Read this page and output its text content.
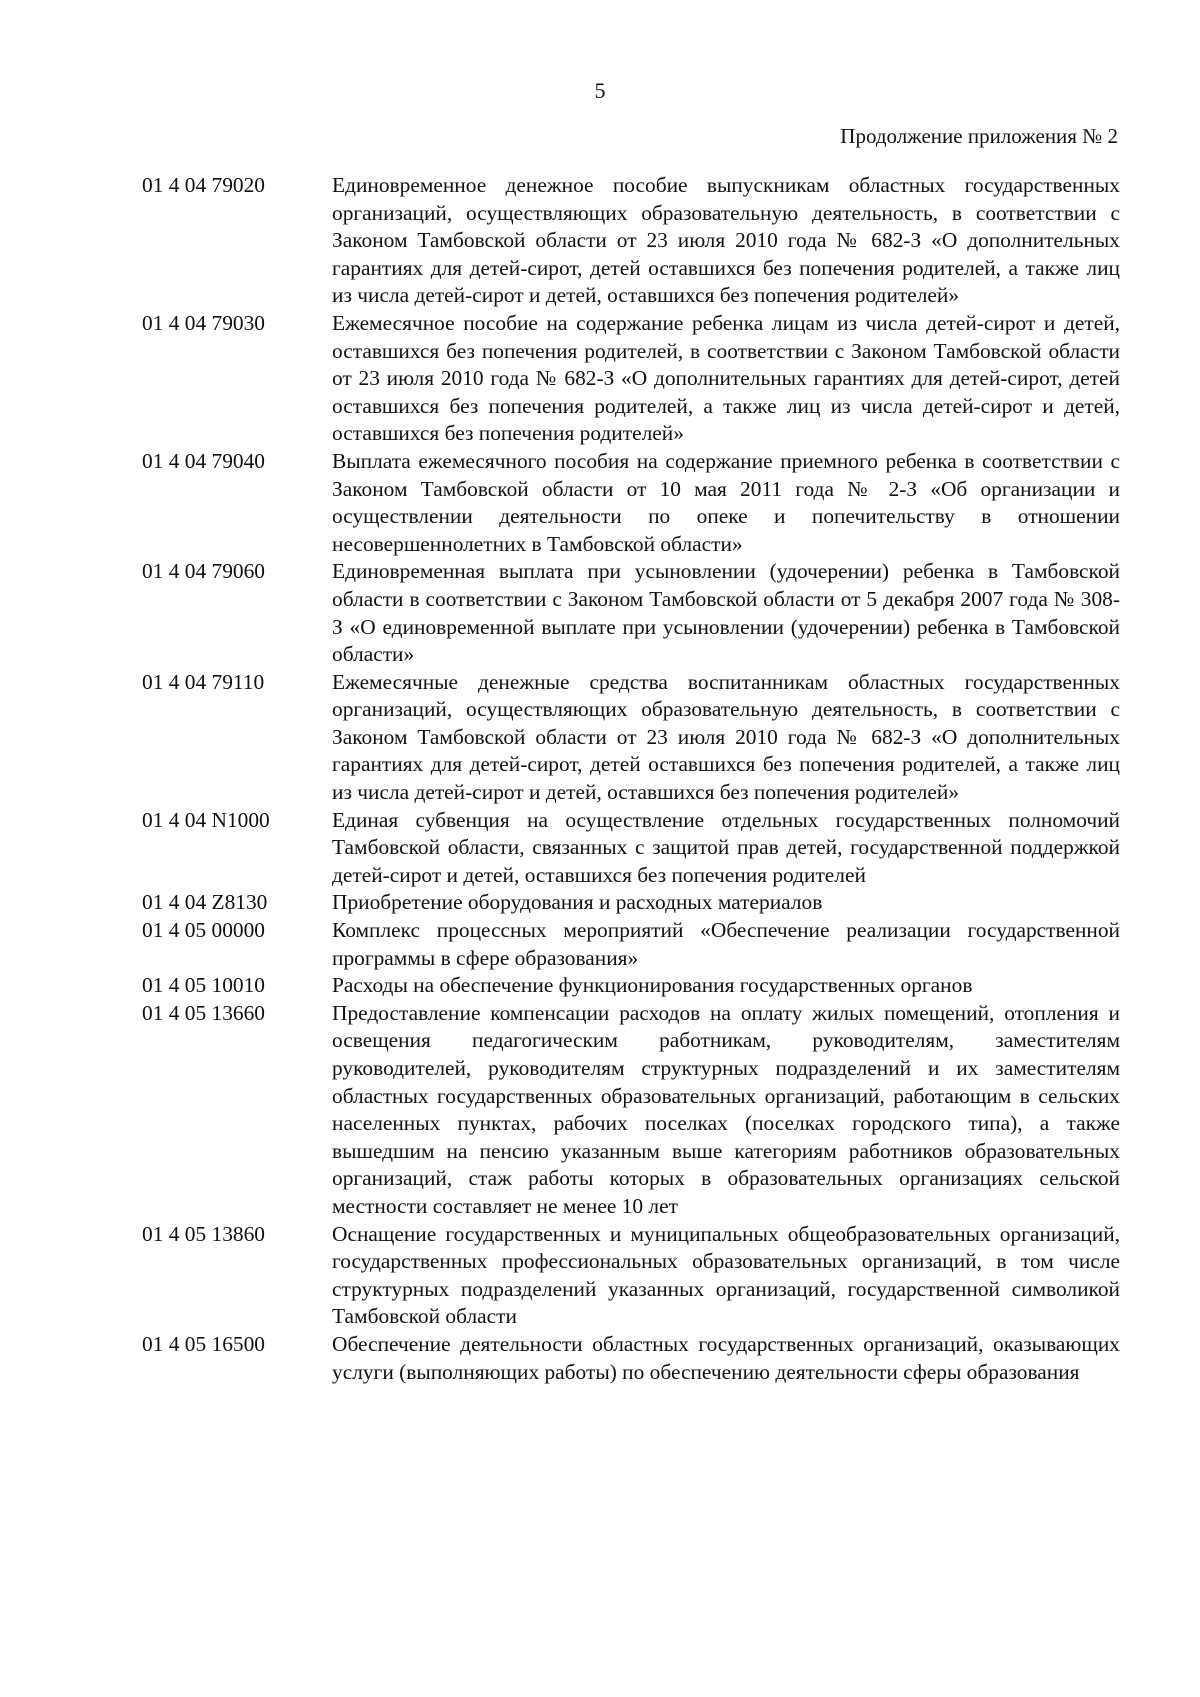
5
Продолжение приложения № 2
01 4 04 79020	Единовременное денежное пособие выпускникам областных государственных организаций, осуществляющих образовательную деятельность, в соответствии с Законом Тамбовской области от 23 июля 2010 года № 682-З «О дополнительных гарантиях для детей-сирот, детей оставшихся без попечения родителей, а также лиц из числа детей-сирот и детей, оставшихся без попечения родителей»
01 4 04 79030	Ежемесячное пособие на содержание ребенка лицам из числа детей-сирот и детей, оставшихся без попечения родителей, в соответствии с Законом Тамбовской области от 23 июля 2010 года № 682-З «О дополнительных гарантиях для детей-сирот, детей оставшихся без попечения родителей, а также лиц из числа детей-сирот и детей, оставшихся без попечения родителей»
01 4 04 79040	Выплата ежемесячного пособия на содержание приемного ребенка в соответствии с Законом Тамбовской области от 10 мая 2011 года № 2-З «Об организации и осуществлении деятельности по опеке и попечительству в отношении несовершеннолетних в Тамбовской области»
01 4 04 79060	Единовременная выплата при усыновлении (удочерении) ребенка в Тамбовской области в соответствии с Законом Тамбовской области от 5 декабря 2007 года № 308-З «О единовременной выплате при усыновлении (удочерении) ребенка в Тамбовской области»
01 4 04 79110	Ежемесячные денежные средства воспитанникам областных государственных организаций, осуществляющих образовательную деятельность, в соответствии с Законом Тамбовской области от 23 июля 2010 года № 682-З «О дополнительных гарантиях для детей-сирот, детей оставшихся без попечения родителей, а также лиц из числа детей-сирот и детей, оставшихся без попечения родителей»
01 4 04 N1000	Единая субвенция на осуществление отдельных государственных полномочий Тамбовской области, связанных с защитой прав детей, государственной поддержкой детей-сирот и детей, оставшихся без попечения родителей
01 4 04 Z8130	Приобретение оборудования и расходных материалов
01 4 05 00000	Комплекс процессных мероприятий «Обеспечение реализации государственной программы в сфере образования»
01 4 05 10010	Расходы на обеспечение функционирования государственных органов
01 4 05 13660	Предоставление компенсации расходов на оплату жилых помещений, отопления и освещения педагогическим работникам, руководителям, заместителям руководителей, руководителям структурных подразделений и их заместителям областных государственных образовательных организаций, работающим в сельских населенных пунктах, рабочих поселках (поселках городского типа), а также вышедшим на пенсию указанным выше категориям работников образовательных организаций, стаж работы которых в образовательных организациях сельской местности составляет не менее 10 лет
01 4 05 13860	Оснащение государственных и муниципальных общеобразовательных организаций, государственных профессиональных образовательных организаций, в том числе структурных подразделений указанных организаций, государственной символикой Тамбовской области
01 4 05 16500	Обеспечение деятельности областных государственных организаций, оказывающих услуги (выполняющих работы) по обеспечению деятельности сферы образования
